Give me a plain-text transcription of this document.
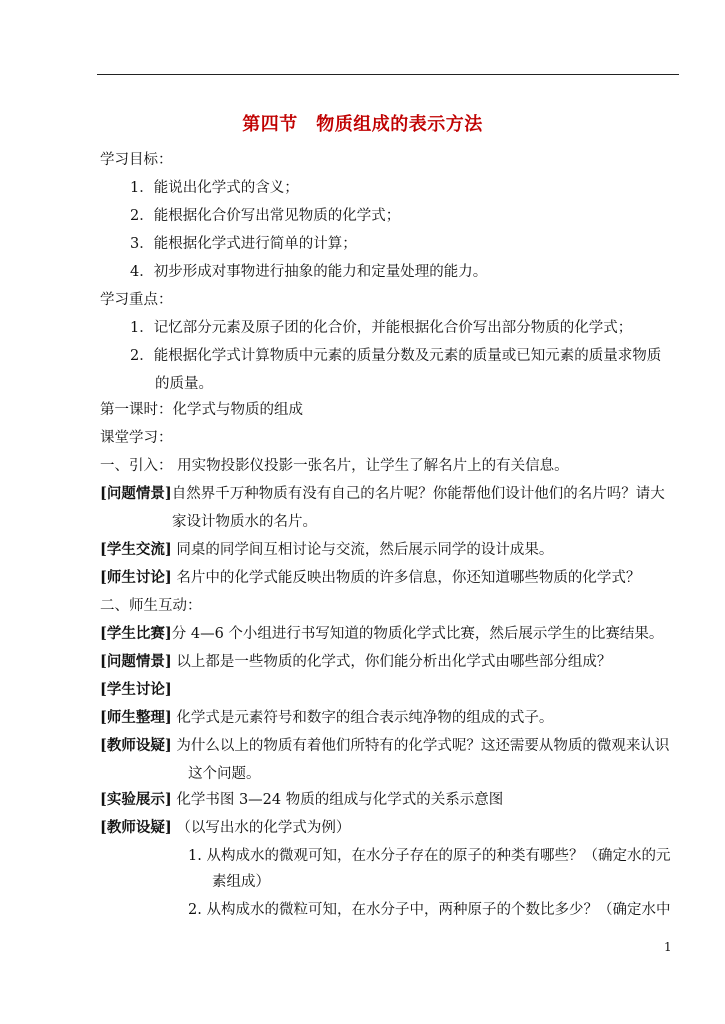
第四节　物质组成的表示方法
学习目标：
1．能说出化学式的含义；
2．能根据化合价写出常见物质的化学式；
3．能根据化学式进行简单的计算；
4．初步形成对事物进行抽象的能力和定量处理的能力。
学习重点：
1．记忆部分元素及原子团的化合价，并能根据化合价写出部分物质的化学式；
2．能根据化学式计算物质中元素的质量分数及元素的质量或已知元素的质量求物质
的质量。
第一课时：化学式与物质的组成
课堂学习：
一、引入： 用实物投影仪投影一张名片，让学生了解名片上的有关信息。
[问题情景]自然界千万种物质有没有自己的名片呢？你能帮他们设计他们的名片吗？请大
家设计物质水的名片。
[学生交流] 同桌的同学间互相讨论与交流，然后展示同学的设计成果。
[师生讨论] 名片中的化学式能反映出物质的许多信息，你还知道哪些物质的化学式？
二、师生互动：
[学生比赛]分 4—6 个小组进行书写知道的物质化学式比赛，然后展示学生的比赛结果。
[问题情景] 以上都是一些物质的化学式，你们能分析出化学式由哪些部分组成？
[学生讨论]
[师生整理] 化学式是元素符号和数字的组合表示纯净物的组成的式子。
[教师设疑] 为什么以上的物质有着他们所特有的化学式呢？这还需要从物质的微观来认识
这个问题。
[实验展示] 化学书图 3—24 物质的组成与化学式的关系示意图
[教师设疑] （以写出水的化学式为例）
1. 从构成水的微观可知，在水分子存在的原子的种类有哪些？（确定水的元
素组成）
2. 从构成水的微粒可知，在水分子中，两种原子的个数比多少？（确定水中
1
